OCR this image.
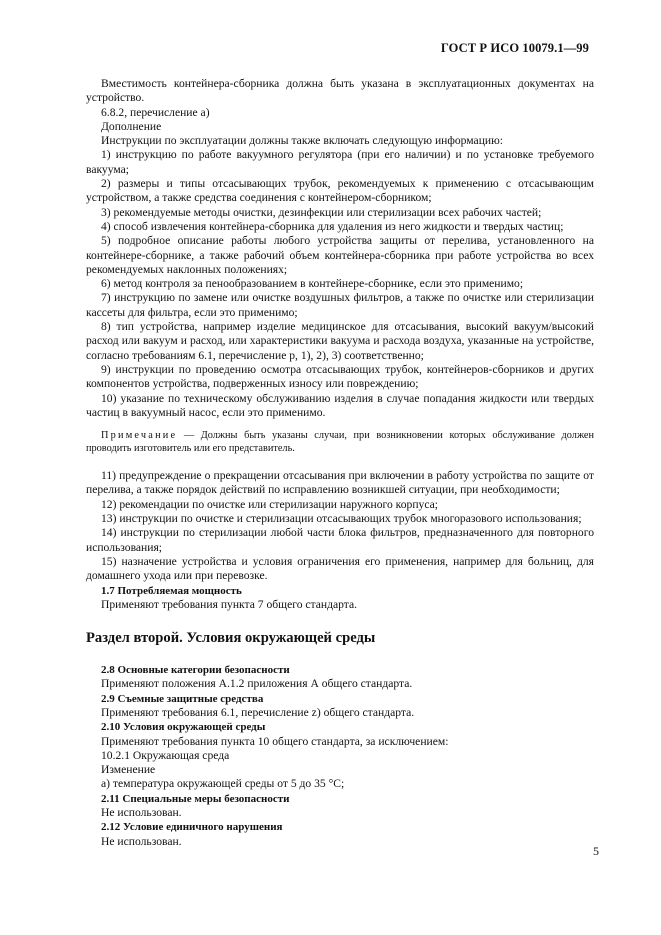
ГОСТ Р ИСО 10079.1—99

Вместимость контейнера-сборника должна быть указана в эксплуатационных документах на устройство.

6.8.2, перечисление а)

Дополнение

Инструкции по эксплуатации должны также включать следующую информацию:

1) инструкцию по работе вакуумного регулятора (при его наличии) и по установке требуемого вакуума;

2) размеры и типы отсасывающих трубок, рекомендуемых к применению с отсасывающим устройством, а также средства соединения с контейнером-сборником;

3) рекомендуемые методы очистки, дезинфекции или стерилизации всех рабочих частей;

4) способ извлечения контейнера-сборника для удаления из него жидкости и твердых частиц;

5) подробное описание работы любого устройства защиты от перелива, установленного на контейнере-сборнике, а также рабочий объем контейнера-сборника при работе устройства во всех рекомендуемых наклонных положениях;

6) метод контроля за пенообразованием в контейнере-сборнике, если это применимо;

7) инструкцию по замене или очистке воздушных фильтров, а также по очистке или стерилизации кассеты для фильтра, если это применимо;

8) тип устройства, например изделие медицинское для отсасывания, высокий вакуум/высокий расход или вакуум и расход, или характеристики вакуума и расхода воздуха, указанные на устройстве, согласно требованиям 6.1, перечисление р, 1), 2), 3) соответственно;

9) инструкции по проведению осмотра отсасывающих трубок, контейнеров-сборников и других компонентов устройства, подверженных износу или повреждению;

10) указание по техническому обслуживанию изделия в случае попадания жидкости или твердых частиц в вакуумный насос, если это применимо.

Примечание — Должны быть указаны случаи, при возникновении которых обслуживание должен проводить изготовитель или его представитель.

11) предупреждение о прекращении отсасывания при включении в работу устройства по защите от перелива, а также порядок действий по исправлению возникшей ситуации, при необходимости;

12) рекомендации по очистке или стерилизации наружного корпуса;

13) инструкции по очистке и стерилизации отсасывающих трубок многоразового использования;

14) инструкции по стерилизации любой части блока фильтров, предназначенного для повторного использования;

15) назначение устройства и условия ограничения его применения, например для больниц, для домашнего ухода или при перевозке.

1.7 Потребляемая мощность

Применяют требования пункта 7 общего стандарта.

Раздел второй. Условия окружающей среды

2.8 Основные категории безопасности

Применяют положения А.1.2 приложения А общего стандарта.

2.9 Съемные защитные средства

Применяют требования 6.1, перечисление z) общего стандарта.

2.10 Условия окружающей среды

Применяют требования пункта 10 общего стандарта, за исключением:

10.2.1 Окружающая среда

Изменение

а) температура окружающей среды от 5 до 35 °С;

2.11 Специальные меры безопасности

Не использован.

2.12 Условие единичного нарушения

Не использован.

5
